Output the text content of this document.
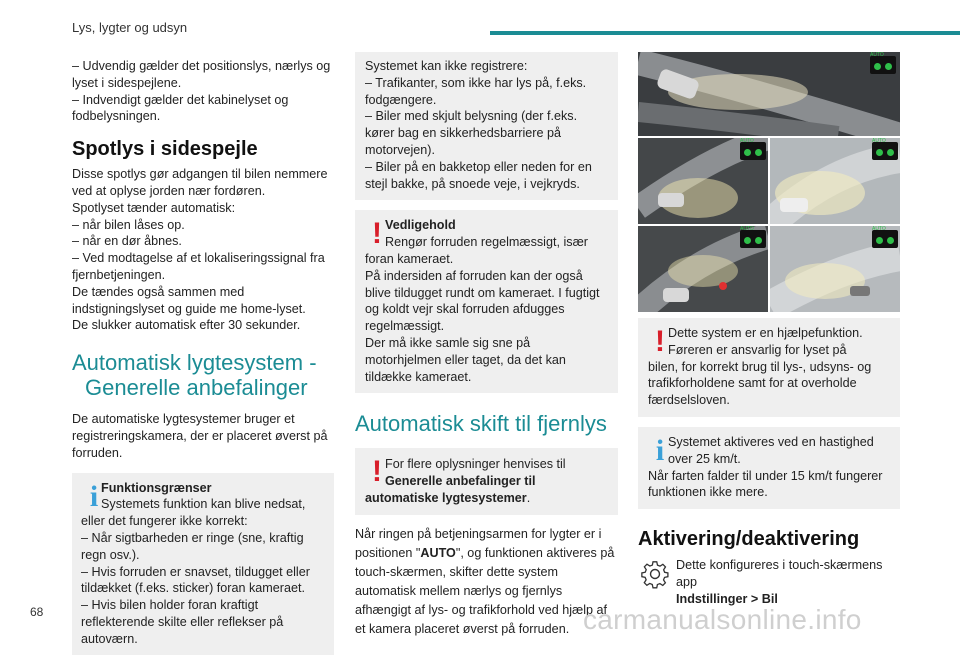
Lys, lygter og udsyn

– Udvendig gælder det positionslys, nærlys og lyset i sidespejlene.

– Indvendigt gælder det kabinelyset og fodbelysningen.

Spotlys i sidespejle

Disse spotlys gør adgangen til bilen nemmere ved at oplyse jorden nær fordøren.

Spotlyset tænder automatisk:

– når bilen låses op.

– når en dør åbnes.

– Ved modtagelse af et lokaliseringssignal fra fjernbetjeningen.

De tændes også sammen med indstigningslyset og guide me home-lyset.

De slukker automatisk efter 30 sekunder.

Automatisk lygtesystem -
Generelle anbefalinger

De automatiske lygtesystemer bruger et registreringskamera, der er placeret øverst på forruden.

i Funktionsgrænser
Systemets funktion kan blive nedsat,

eller det fungerer ikke korrekt:

– Når sigtbarheden er ringe (sne, kraftig regn osv.).

– Hvis forruden er snavset, tildugget eller tildækket (f.eks. sticker) foran kameraet.

– Hvis bilen holder foran kraftigt reflekterende skilte eller reflekser på autoværn.

Systemet kan ikke registrere:

– Trafikanter, som ikke har lys på, f.eks. fodgængere.

– Biler med skjult belysning (der f.eks. kører bag en sikkerhedsbarriere på motorvejen).

– Biler på en bakketop eller neden for en stejl bakke, på snoede veje, i vejkryds.

! Vedligehold
Rengør forruden regelmæssigt, især

foran kameraet.

På indersiden af forruden kan der også blive tildugget rundt om kameraet. I fugtigt og koldt vejr skal forruden afdugges regelmæssigt.

Der må ikke samle sig sne på motorhjelmen eller taget, da det kan tildække kameraet.

Automatisk skift til fjernlys
! For flere oplysninger henvises til

Generelle anbefalinger til automatiske lygtesystemer.

Når ringen på betjeningsarmen for lygter er i positionen "AUTO", og funktionen aktiveres på touch-skærmen, skifter dette system automatisk mellem nærlys og fjernlys afhængigt af lys- og trafikforhold ved hjælp af et kamera placeret øverst på forruden.

AUTO
AUTO	AUTO
AUTO	AUTO
! Dette system er en hjælpefunktion.
Føreren er ansvarlig for lyset på

bilen, for korrekt brug til lys-, udsyns- og trafikforholdene samt for at overholde færdselsloven.

i Systemet aktiveres ved en hastighed
over 25 km/t.

Når farten falder til under 15 km/t fungerer funktionen ikke mere.

Aktivering/deaktivering

Dette konfigureres i touch-skærmens app

Indstillinger > Bil
68	carmanualsonline.info
